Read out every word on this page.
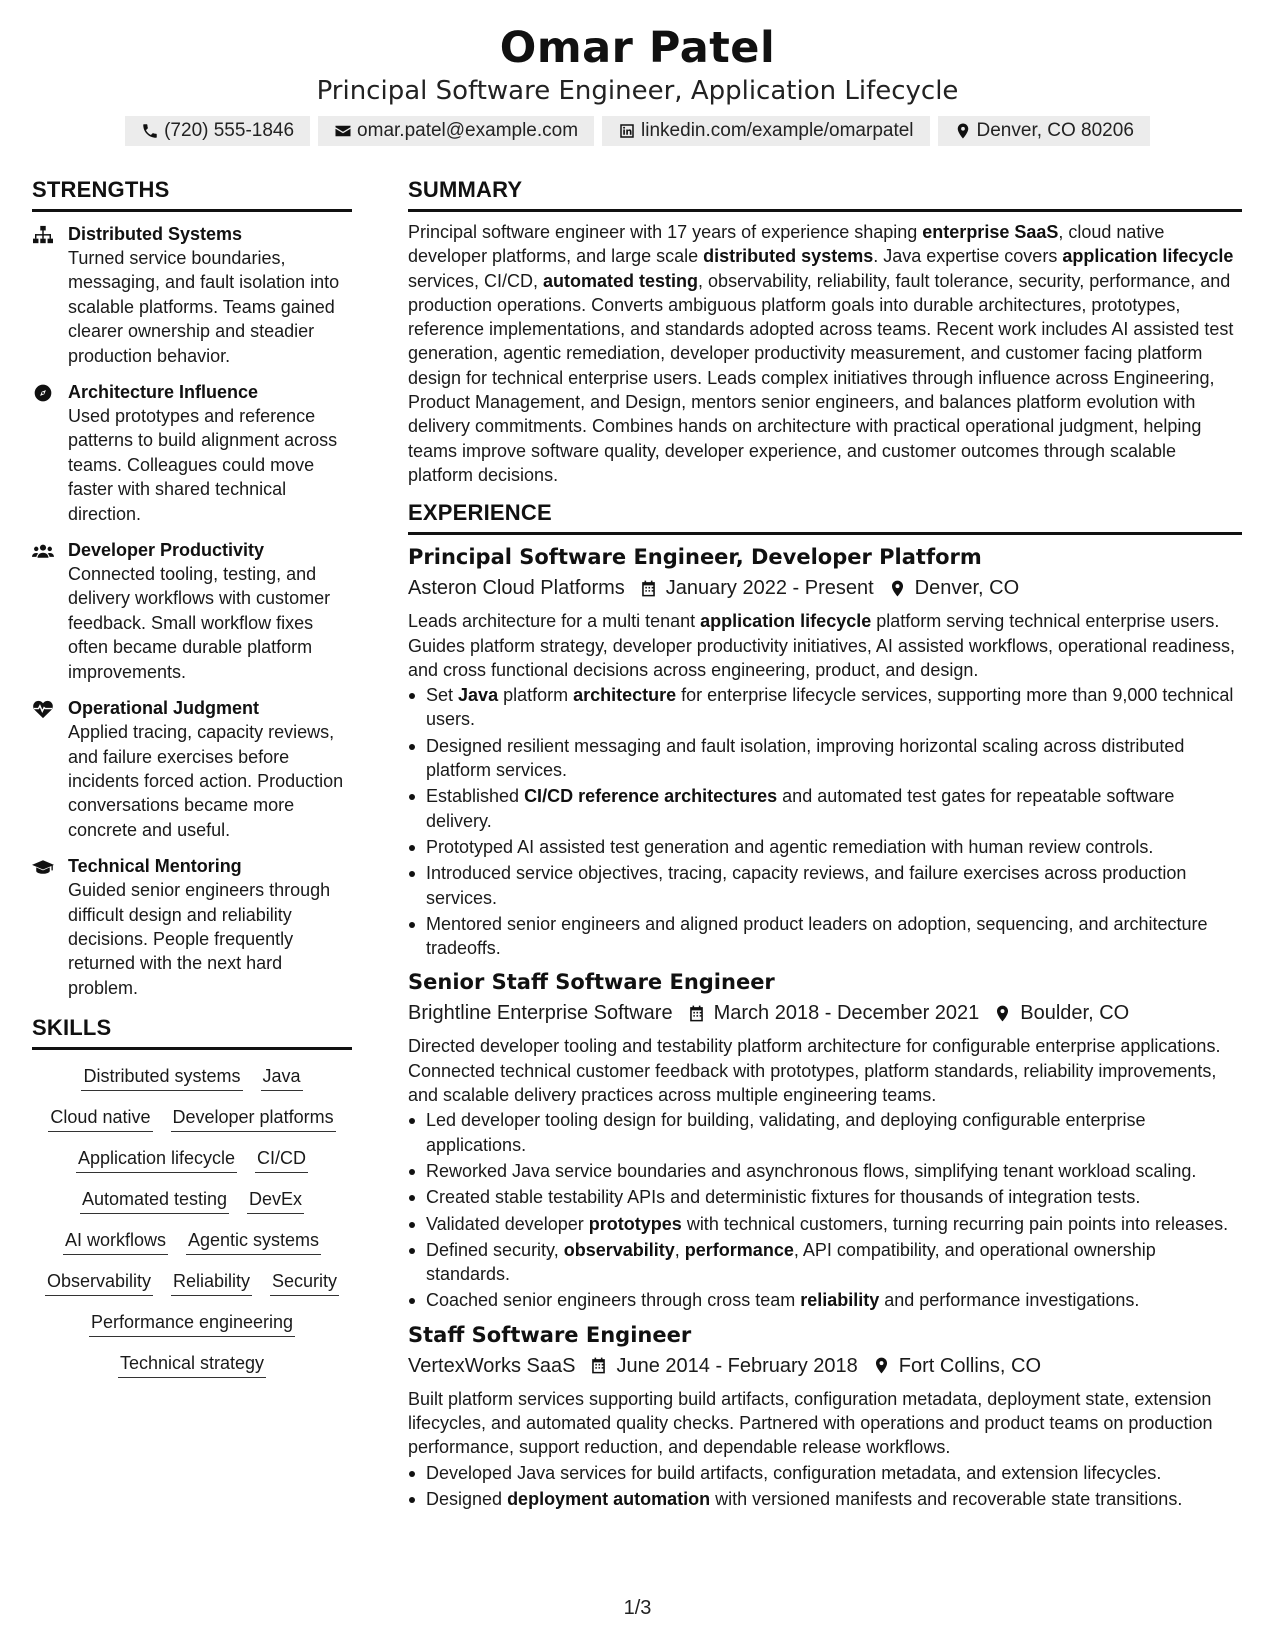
Omar Patel
Principal Software Engineer, Application Lifecycle
(720) 555-1846	omar.patel@example.com	linkedin.com/example/omarpatel	Denver, CO 80206
STRENGTHS
Distributed Systems
Turned service boundaries, messaging, and fault isolation into scalable platforms. Teams gained clearer ownership and steadier production behavior.
Architecture Influence
Used prototypes and reference patterns to build alignment across teams. Colleagues could move faster with shared technical direction.
Developer Productivity
Connected tooling, testing, and delivery workflows with customer feedback. Small workflow fixes often became durable platform improvements.
Operational Judgment
Applied tracing, capacity reviews, and failure exercises before incidents forced action. Production conversations became more concrete and useful.
Technical Mentoring
Guided senior engineers through difficult design and reliability decisions. People frequently returned with the next hard problem.
SKILLS
Distributed systems Java
Cloud native Developer platforms
Application lifecycle CI/CD
Automated testing DevEx
AI workflows Agentic systems
Observability Reliability Security
Performance engineering
Technical strategy
SUMMARY
Principal software engineer with 17 years of experience shaping enterprise SaaS, cloud native developer platforms, and large scale distributed systems. Java expertise covers application lifecycle services, CI/CD, automated testing, observability, reliability, fault tolerance, security, performance, and production operations. Converts ambiguous platform goals into durable architectures, prototypes, reference implementations, and standards adopted across teams. Recent work includes AI assisted test generation, agentic remediation, developer productivity measurement, and customer facing platform design for technical enterprise users. Leads complex initiatives through influence across Engineering, Product Management, and Design, mentors senior engineers, and balances platform evolution with delivery commitments. Combines hands on architecture with practical operational judgment, helping teams improve software quality, developer experience, and customer outcomes through scalable platform decisions.
EXPERIENCE
Principal Software Engineer, Developer Platform
Asteron Cloud Platforms January 2022 - Present Denver, CO
Leads architecture for a multi tenant application lifecycle platform serving technical enterprise users. Guides platform strategy, developer productivity initiatives, AI assisted workflows, operational readiness, and cross functional decisions across engineering, product, and design.
Set Java platform architecture for enterprise lifecycle services, supporting more than 9,000 technical users.
Designed resilient messaging and fault isolation, improving horizontal scaling across distributed platform services.
Established CI/CD reference architectures and automated test gates for repeatable software delivery.
Prototyped AI assisted test generation and agentic remediation with human review controls.
Introduced service objectives, tracing, capacity reviews, and failure exercises across production services.
Mentored senior engineers and aligned product leaders on adoption, sequencing, and architecture tradeoffs.
Senior Staff Software Engineer
Brightline Enterprise Software March 2018 - December 2021 Boulder, CO
Directed developer tooling and testability platform architecture for configurable enterprise applications. Connected technical customer feedback with prototypes, platform standards, reliability improvements, and scalable delivery practices across multiple engineering teams.
Led developer tooling design for building, validating, and deploying configurable enterprise applications.
Reworked Java service boundaries and asynchronous flows, simplifying tenant workload scaling.
Created stable testability APIs and deterministic fixtures for thousands of integration tests.
Validated developer prototypes with technical customers, turning recurring pain points into releases.
Defined security, observability, performance, API compatibility, and operational ownership standards.
Coached senior engineers through cross team reliability and performance investigations.
Staff Software Engineer
VertexWorks SaaS June 2014 - February 2018 Fort Collins, CO
Built platform services supporting build artifacts, configuration metadata, deployment state, extension lifecycles, and automated quality checks. Partnered with operations and product teams on production performance, support reduction, and dependable release workflows.
Developed Java services for build artifacts, configuration metadata, and extension lifecycles.
Designed deployment automation with versioned manifests and recoverable state transitions.
1/3
